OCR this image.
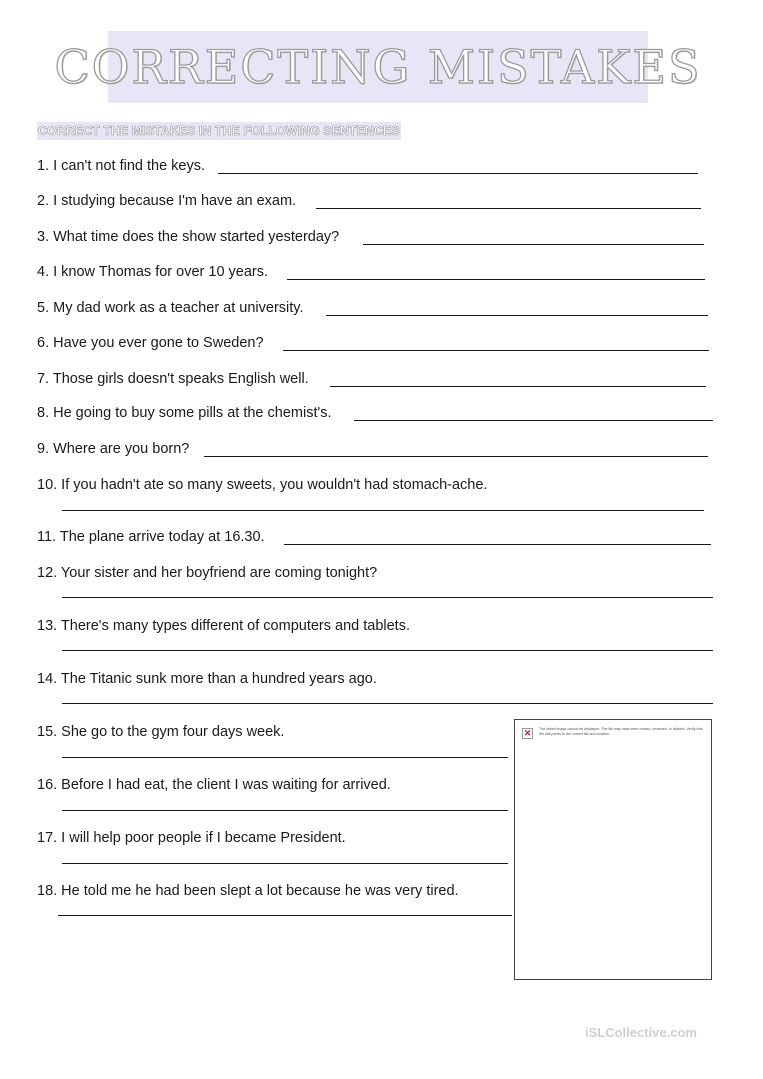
CORRECTING MISTAKES
CORRECT THE MISTAKES IN THE FOLLOWING SENTENCES
1. I can't not find the keys.
2. I studying because I'm have an exam.
3. What time does the show started yesterday?
4. I know Thomas for over 10 years.
5. My dad work as a teacher at university.
6. Have you ever gone to Sweden?
7. Those girls doesn't speaks English well.
8. He going to buy some pills at the chemist's.
9. Where are you born?
10. If you hadn't ate so many sweets, you wouldn't had stomach-ache.
11. The plane arrive today at 16.30.
12. Your sister and her boyfriend are coming tonight?
13. There's many types different of computers and tablets.
14. The Titanic sunk more than a hundred years ago.
15. She go to the gym four days week.
16. Before I had eat, the client I was waiting for arrived.
17. I will help poor people if I became President.
18. He told me he had been slept a lot because he was very tired.
✕	The linked image cannot be displayed. The file may have been moved, renamed, or deleted. Verify that the link points to the correct file and location.
iSLCollective.com
